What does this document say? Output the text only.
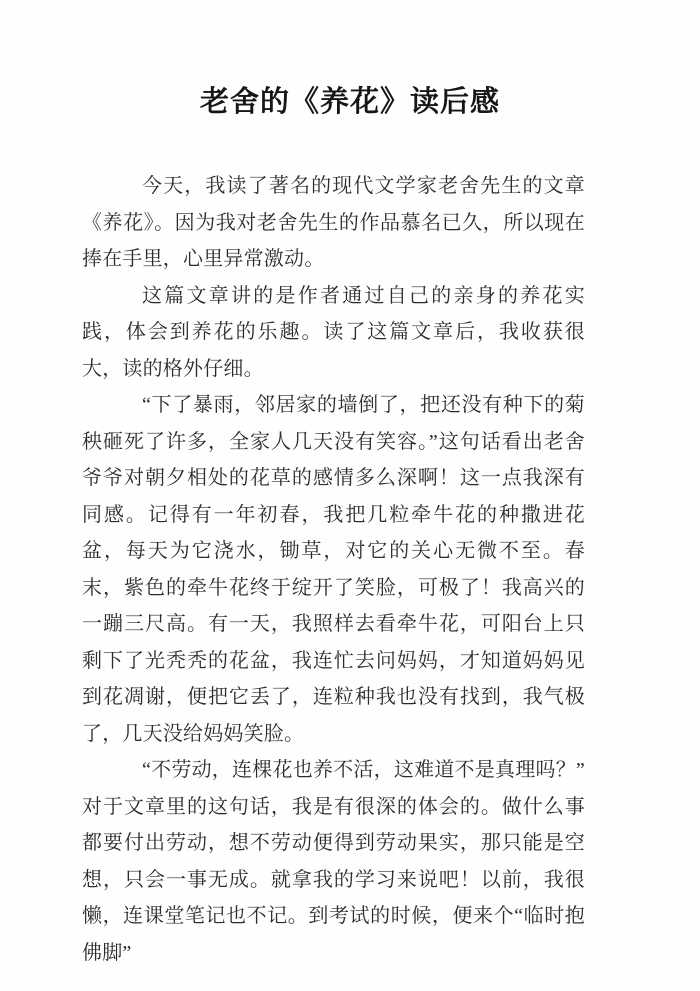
老舍的《养花》读后感

今天，我读了著名的现代文学家老舍先生的文章《养花》。因为我对老舍先生的作品慕名已久，所以现在捧在手里，心里异常激动。

这篇文章讲的是作者通过自己的亲身的养花实践，体会到养花的乐趣。读了这篇文章后，我收获很大，读的格外仔细。

“下了暴雨，邻居家的墙倒了，把还没有种下的菊秧砸死了许多，全家人几天没有笑容。”这句话看出老舍爷爷对朝夕相处的花草的感情多么深啊！这一点我深有同感。记得有一年初春，我把几粒牵牛花的种撒进花盆，每天为它浇水，锄草，对它的关心无微不至。春末，紫色的牵牛花终于绽开了笑脸，可极了！我高兴的一蹦三尺高。有一天，我照样去看牵牛花，可阳台上只剩下了光秃秃的花盆，我连忙去问妈妈，才知道妈妈见到花凋谢，便把它丢了，连粒种我也没有找到，我气极了，几天没给妈妈笑脸。

“不劳动，连棵花也养不活，这难道不是真理吗？”对于文章里的这句话，我是有很深的体会的。做什么事都要付出劳动，想不劳动便得到劳动果实，那只能是空想，只会一事无成。就拿我的学习来说吧！以前，我很懒，连课堂笔记也不记。到考试的时候，便来个“临时抱佛脚”
